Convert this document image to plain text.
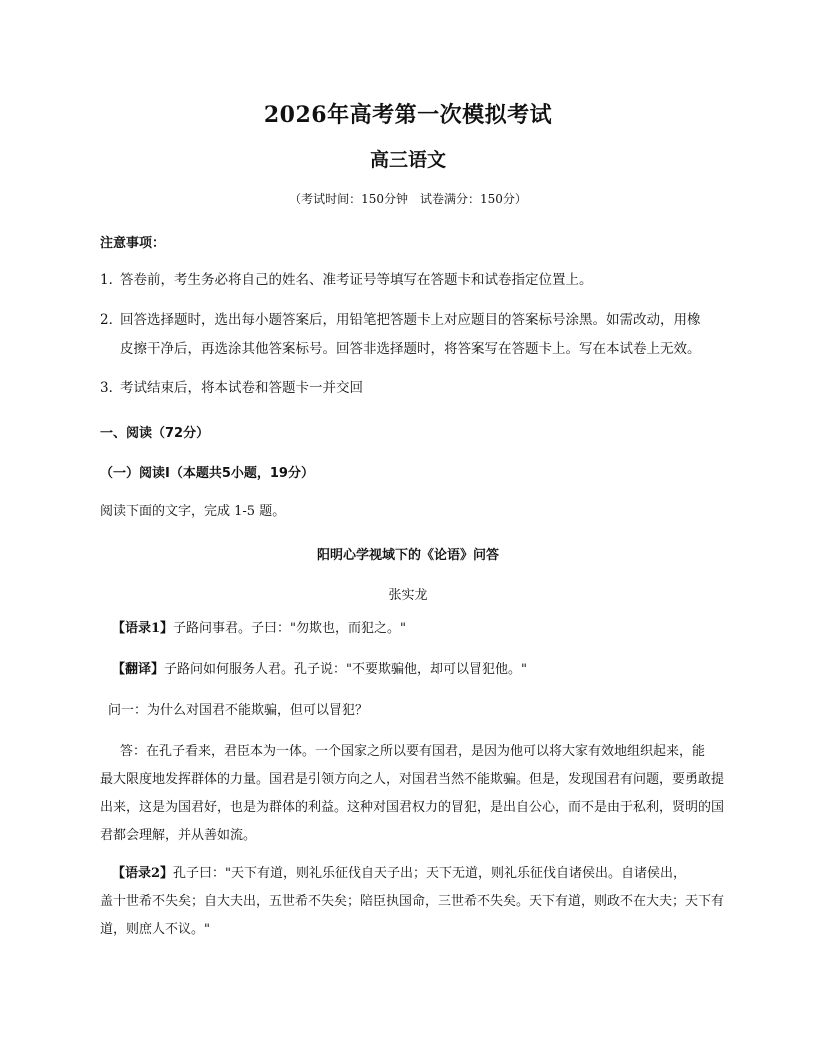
2026年高考第一次模拟考试
高三语文
（考试时间：150分钟　试卷满分：150分）
注意事项：
1．答卷前，考生务必将自己的姓名、准考证号等填写在答题卡和试卷指定位置上。
2．回答选择题时，选出每小题答案后，用铅笔把答题卡上对应题目的答案标号涂黑。如需改动，用橡
皮擦干净后，再选涂其他答案标号。回答非选择题时，将答案写在答题卡上。写在本试卷上无效。
3．考试结束后，将本试卷和答题卡一并交回
一、阅读（72分）
（一）阅读Ⅰ（本题共5小题，19分）
阅读下面的文字，完成 1-5 题。
阳明心学视域下的《论语》问答
张实龙
【语录1】子路问事君。子曰："勿欺也，而犯之。"
【翻译】子路问如何服务人君。孔子说："不要欺骗他，却可以冒犯他。"
问一：为什么对国君不能欺骗，但可以冒犯？
答：在孔子看来，君臣本为一体。一个国家之所以要有国君，是因为他可以将大家有效地组织起来，能
最大限度地发挥群体的力量。国君是引领方向之人，对国君当然不能欺骗。但是，发现国君有问题，要勇敢提
出来，这是为国君好，也是为群体的利益。这种对国君权力的冒犯，是出自公心，而不是由于私利，贤明的国
君都会理解，并从善如流。
【语录2】孔子曰："天下有道，则礼乐征伐自天子出；天下无道，则礼乐征伐自诸侯出。自诸侯出，
盖十世希不失矣；自大夫出，五世希不失矣；陪臣执国命，三世希不失矣。天下有道，则政不在大夫；天下有
道，则庶人不议。"
